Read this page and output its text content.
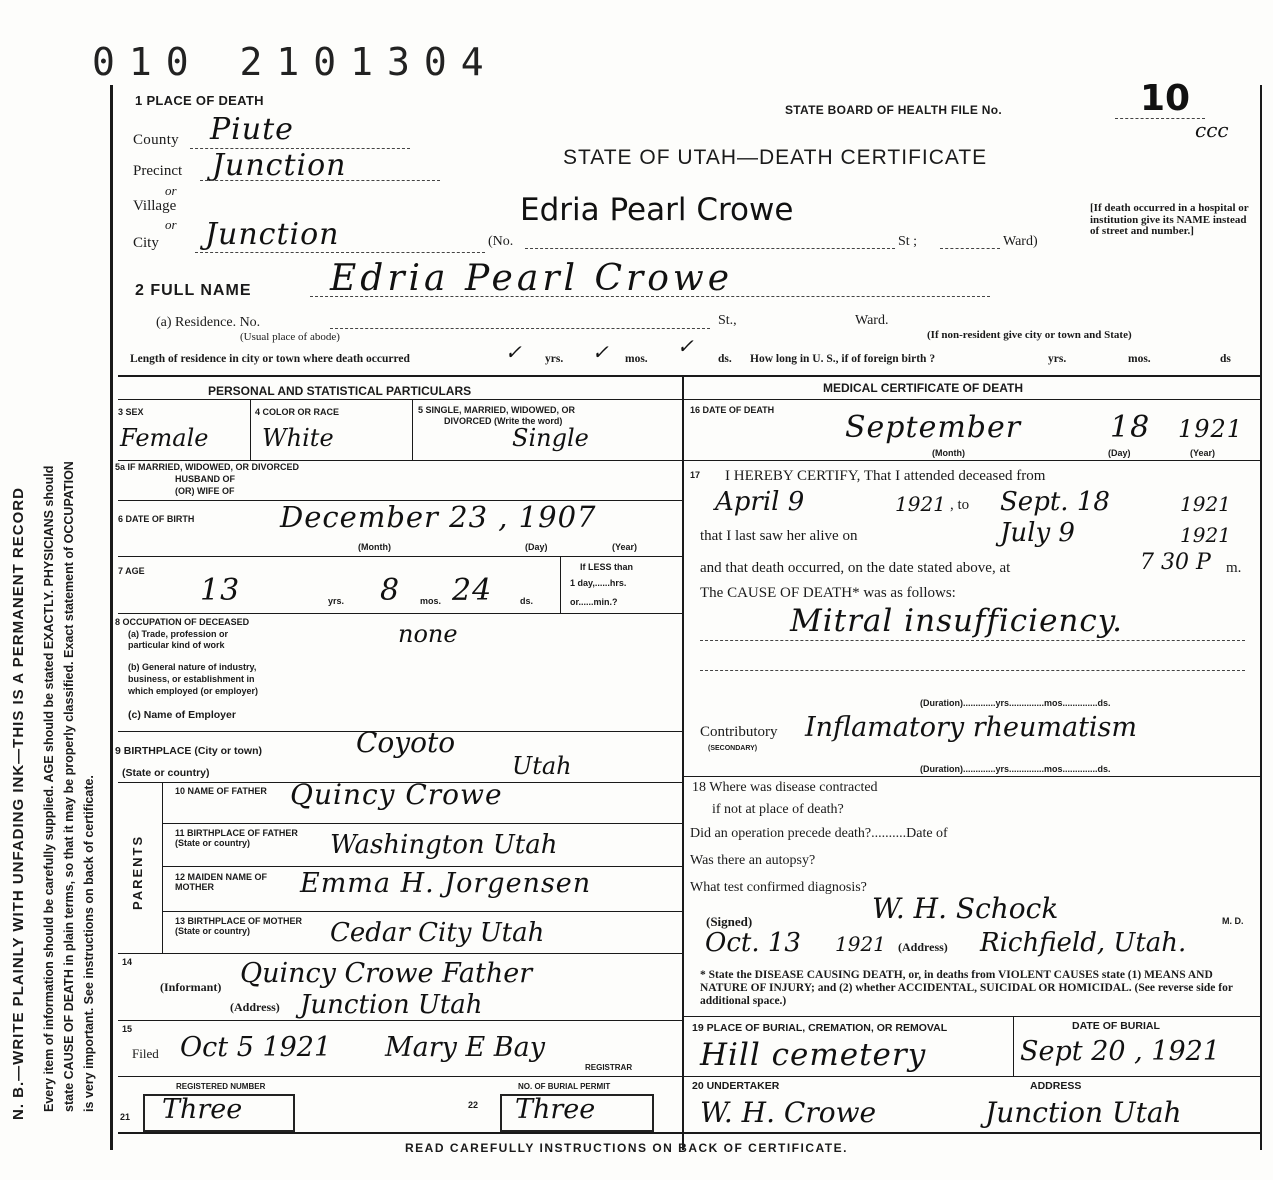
010 2101304
N. B.—WRITE PLAINLY WITH UNFADING INK—THIS IS A PERMANENT RECORD Every item of information should be carefully supplied. AGE should be stated EXACTLY. PHYSICIANS should state CAUSE OF DEATH in plain terms, so that it may be properly classified. Exact statement of OCCUPATION is very important. See instructions on back of certificate.
1 PLACE OF DEATH
STATE BOARD OF HEALTH FILE No.	10
ccc
County Piute
Precinct Junction
or
Village
or
City Junction
STATE OF UTAH—DEATH CERTIFICATE
Edria Pearl Crowe
(No.	St ;	Ward)
[If death occurred in a hospital or institution give its NAME instead of street and number.]
2 FULL NAME Edria Pearl Crowe
(a) Residence. No.	St.,	Ward.
(Usual place of abode)	(If non-resident give city or town and State)
Length of residence in city or town where death occurred	✓ yrs. ✓ mos.
✓
ds. How long in U. S., if of foreign birth ?	yrs.	mos.	ds
PERSONAL AND STATISTICAL PARTICULARS
3 SEX
Female
4 COLOR OR RACE
White
5 SINGLE, MARRIED, WIDOWED, OR
DIVORCED (Write the word)
Single
5a IF MARRIED, WIDOWED, OR DIVORCED
HUSBAND OF
(OR) WIFE OF
6 DATE OF BIRTH	December 23 , 1907
(Month)	(Day)	(Year)
7 AGE
13	yrs. 8 mos. 24	ds.
If LESS than
1 day,......hrs.
or......min.?
8 OCCUPATION OF DECEASED
(a) Trade, profession or
particular kind of work	none
(b) General nature of industry,
business, or establishment in
which employed (or employer)
(c) Name of Employer
9 BIRTHPLACE (City or town)	Coyoto
(State or country)	Utah
PARENTS
10 NAME OF FATHER Quincy Crowe
11 BIRTHPLACE OF FATHER (State or country)	Washington Utah
12 MAIDEN NAME OF MOTHER	Emma H. Jorgensen
13 BIRTHPLACE OF MOTHER (State or country)	Cedar City Utah
14
(Informant) Quincy Crowe Father
(Address) Junction Utah
15
Filed Oct 5 1921 Mary E Bay
REGISTRAR
REGISTERED NUMBER
21 Three
NO. OF BURIAL PERMIT
22 Three
MEDICAL CERTIFICATE OF DEATH
16 DATE OF DEATH September	18 1921
(Month)	(Day)	(Year)
17 I HEREBY CERTIFY, That I attended deceased from
April 9	1921 , to Sept. 18	1921
that I last saw her alive on	July 9	1921
and that death occurred, on the date stated above, at	7 30 P m.
The CAUSE OF DEATH* was as follows:
Mitral insufficiency.
(Duration).............yrs..............mos..............ds.
Contributory
(SECONDARY)
Inflamatory rheumatism
(Duration).............yrs..............mos..............ds.
18 Where was disease contracted
if not at place of death?
Did an operation precede death?..........Date of
Was there an autopsy?
What test confirmed diagnosis?
(Signed)	W. H. Schock	M. D.
Oct. 13 1921 (Address) Richfield, Utah.
* State the DISEASE CAUSING DEATH, or, in deaths from VIOLENT CAUSES state (1) MEANS AND NATURE OF INJURY; and (2) whether ACCIDENTAL, SUICIDAL OR HOMICIDAL. (See reverse side for additional space.)
19 PLACE OF BURIAL, CREMATION, OR REMOVAL
Hill cemetery
DATE OF BURIAL
Sept 20 , 1921
20 UNDERTAKER	ADDRESS
W. H. Crowe	Junction Utah
READ CAREFULLY INSTRUCTIONS ON BACK OF CERTIFICATE.
